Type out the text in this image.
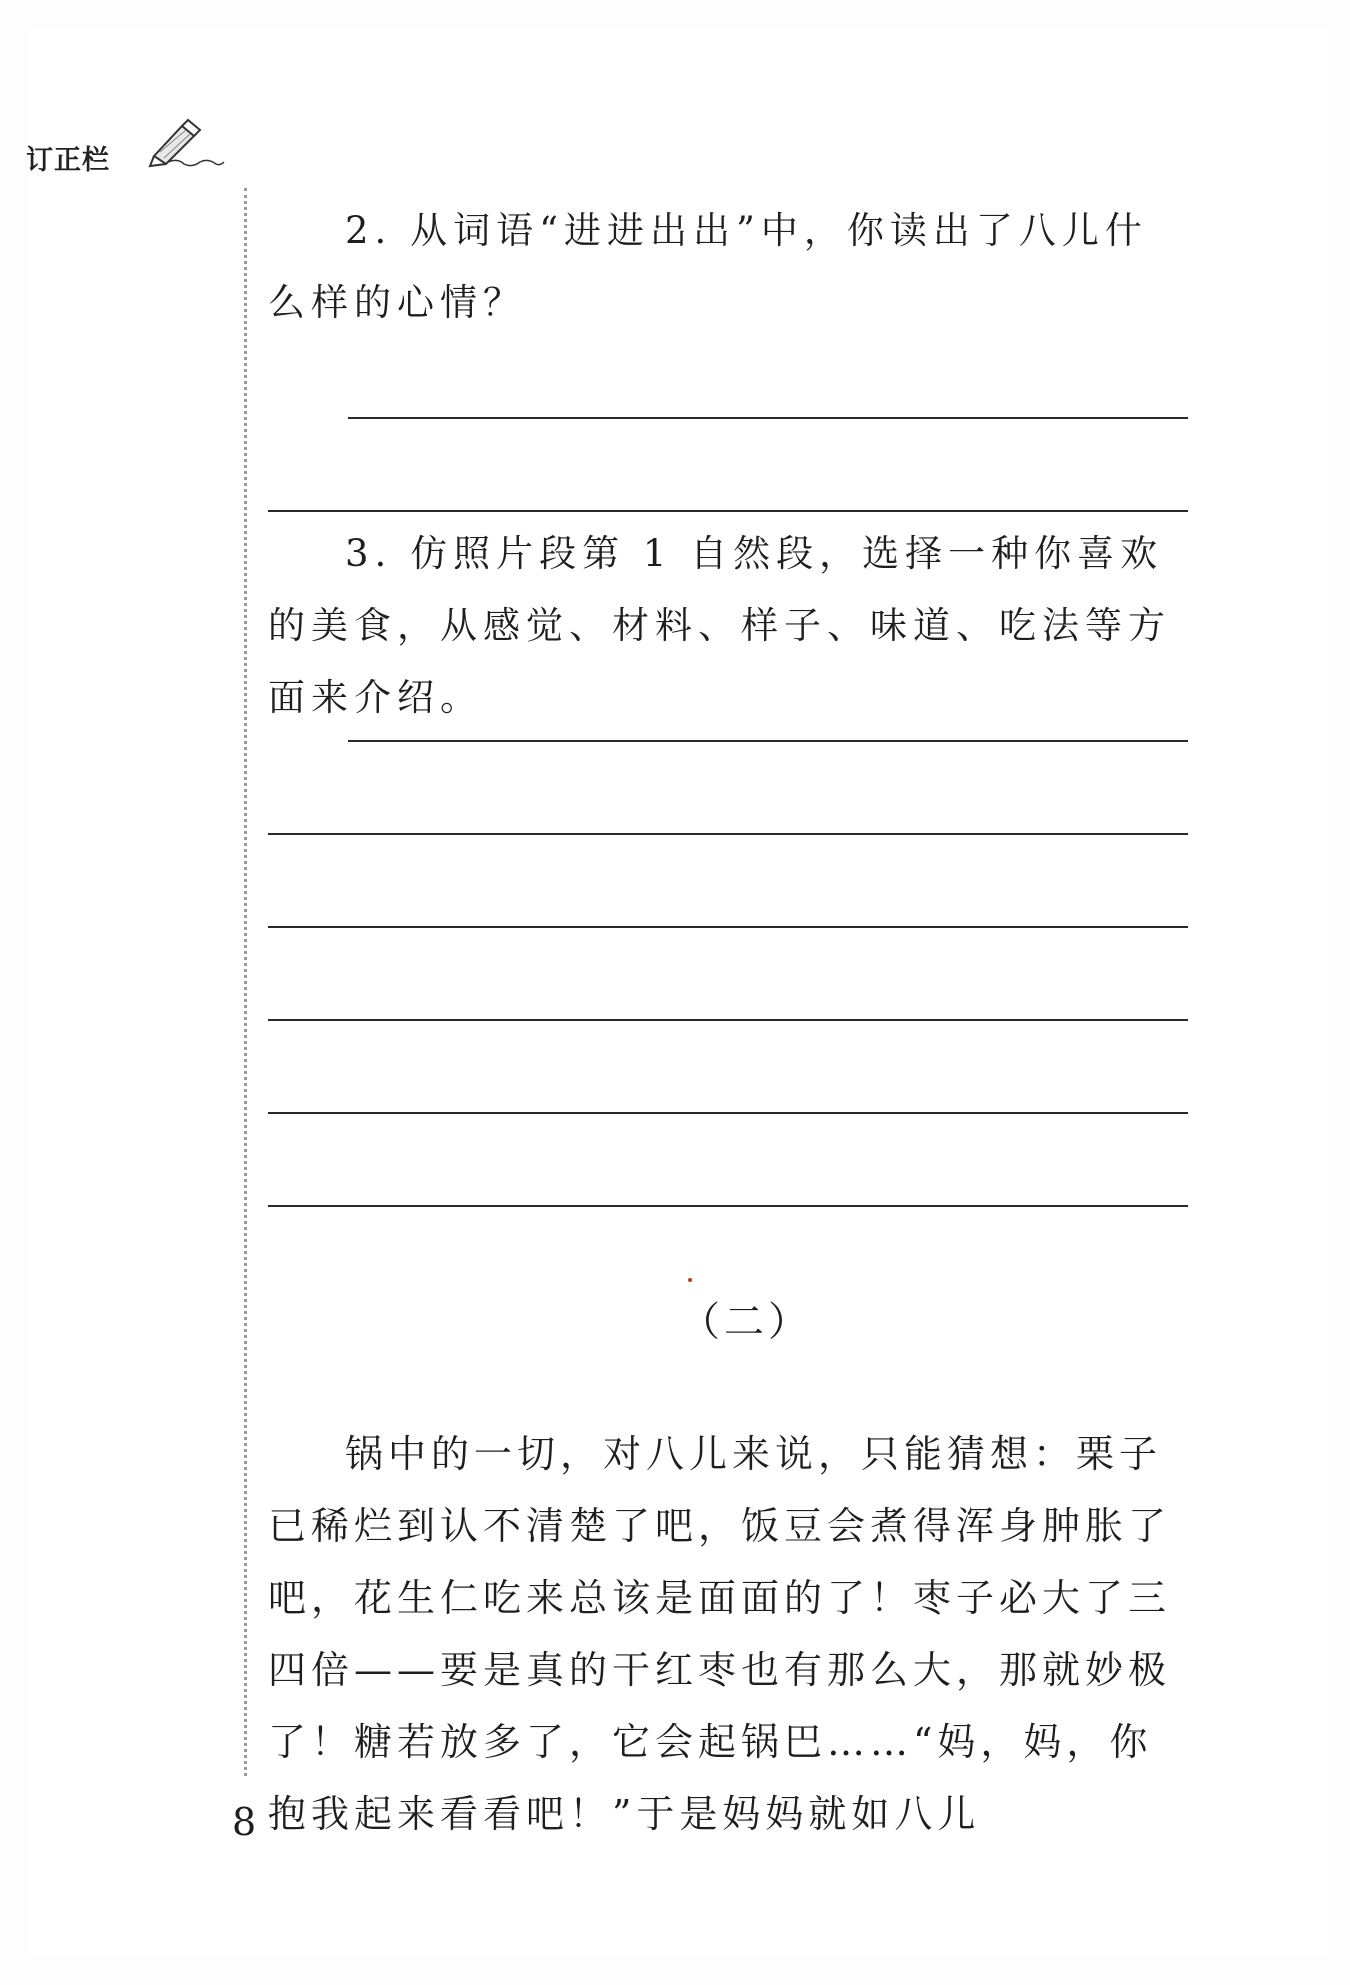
订正栏
2. 从词语“进进出出”中，你读出了八儿什么样的心情？
3. 仿照片段第 1 自然段，选择一种你喜欢的美食，从感觉、材料、样子、味道、吃法等方面来介绍。
（二）
锅中的一切，对八儿来说，只能猜想：栗子已稀烂到认不清楚了吧，饭豆会煮得浑身肿胀了吧，花生仁吃来总该是面面的了！枣子必大了三四倍——要是真的干红枣也有那么大，那就妙极了！糖若放多了，它会起锅巴……“妈，妈，你抱我起来看看吧！”于是妈妈就如八儿
8
